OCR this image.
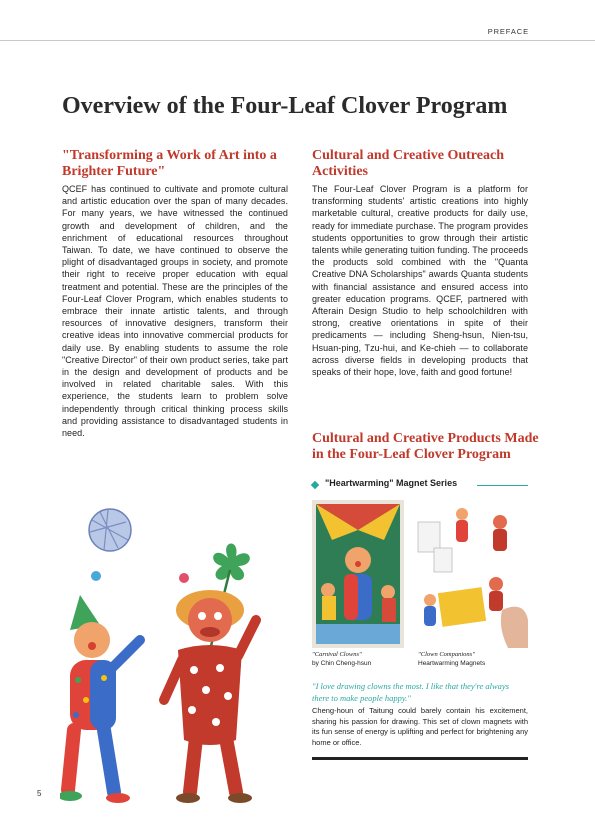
PREFACE
Overview of the Four-Leaf Clover Program
"Transforming a Work of Art into a Brighter Future"

QCEF has continued to cultivate and promote cultural and artistic education over the span of many decades. For many years, we have witnessed the continued growth and development of children, and the enrichment of educational resources throughout Taiwan. To date, we have continued to observe the plight of disadvantaged groups in society, and promote their right to receive proper education with equal treatment and potential. These are the principles of the Four-Leaf Clover Program, which enables students to embrace their innate artistic talents, and through resources of innovative designers, transform their creative ideas into innovative commercial products for daily use. By enabling students to assume the role "Creative Director" of their own product series, take part in the design and development of products and be involved in related charitable sales. With this experience, the students learn to problem solve independently through critical thinking process skills and providing assistance to disadvantaged students in need.

Cultural and Creative Outreach Activities

The Four-Leaf Clover Program is a platform for transforming students' artistic creations into highly marketable cultural, creative products for daily use, ready for immediate purchase. The program provides students opportunities to grow through their artistic talents while generating tuition funding. The proceeds the products sold combined with the "Quanta Creative DNA Scholarships" awards Quanta students with financial assistance and ensured access into greater education programs. QCEF, partnered with Afterain Design Studio to help schoolchildren with strong, creative orientations in spite of their predicaments — including Sheng-hsun, Nien-tsu, Hsuan-ping, Tzu-hui, and Ke-chieh — to collaborate across diverse fields in developing products that speaks of their hope, love, faith and good fortune!

Cultural and Creative Products Made in the Four-Leaf Clover Program
"Heartwarming" Magnet Series
"Carnival Clowns"
by Chin Cheng-hsun
"Clown Companions"
Heartwarming Magnets
"I love drawing clowns the most. I like that they're always there to make people happy."

Cheng-houn of Taitung could barely contain his excitement, sharing his passion for drawing. This set of clown magnets with its fun sense of energy is uplifting and perfect for brightening any home or office.

5
